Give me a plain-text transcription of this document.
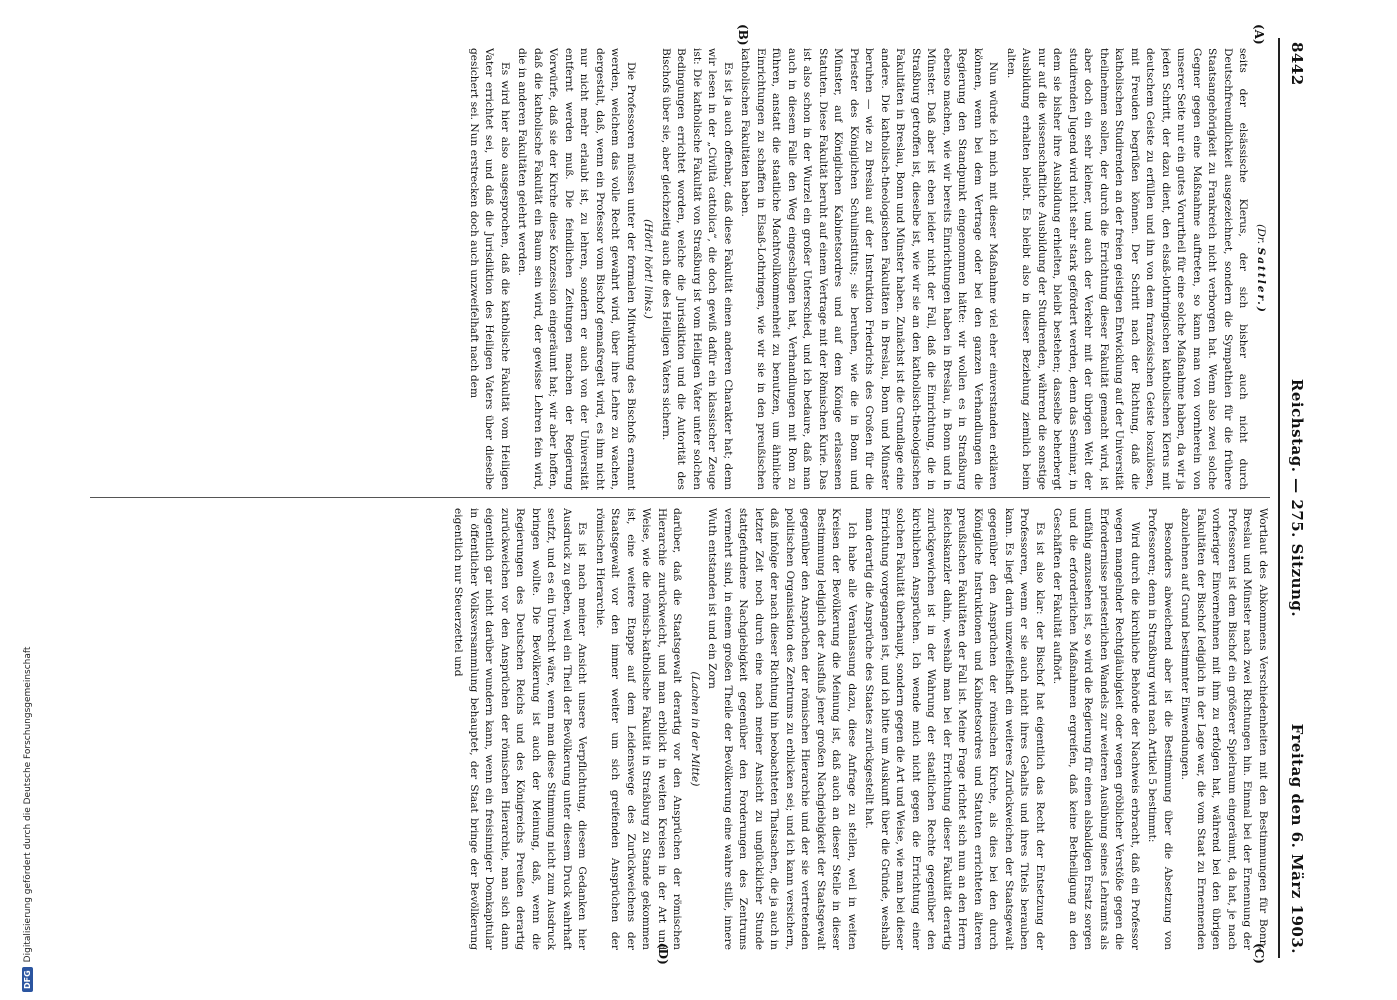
8442
Reichstag. — 275. Sitzung.
Freitag den 6. März 1903.
(A)
(B)
(C)
(D)

(Dr. Sattler.)

seits der elsässische Klerus, der sich bisher auch nicht durch Deutschfreundlichkeit ausgezeichnet, sondern die Sympathien für die frühere Staatsangehörigkeit zu Frankreich nicht verborgen hat. Wenn also zwei solche Gegner gegen eine Maßnahme auftreten, so kann man von vornherein von unserer Seite nur ein gutes Vorurtheil für eine solche Maßnahme haben, da wir ja jeden Schritt, der dazu dient, den elsaß-lothringischen katholischen Klerus mit deutschem Geiste zu erfüllen und ihn von dem französischen Geiste loszulösen, mit Freuden begrüßen können. Der Schritt nach der Richtung, daß die katholischen Studirenden an der freien geistigen Entwicklung auf der Universität theilnehmen sollen, der durch die Errichtung dieser Fakultät gemacht wird, ist aber doch ein sehr kleiner, und auch der Verkehr mit der übrigen Welt der studirenden Jugend wird nicht sehr stark gefördert werden, denn das Seminar, in dem sie bisher ihre Ausbildung erhielten, bleibt bestehen; dasselbe beherbergt nur auf die wissenschaftliche Ausbildung der Studirenden, während die sonstige Ausbildung erhalten bleibt. Es bleibt also in dieser Beziehung ziemlich beim alten.

Nun würde ich mich mit dieser Maßnahme viel eher einverstanden erklären können, wenn bei dem Vertrage oder bei den ganzen Verhandlungen die Regierung den Standpunkt eingenommen hätte: wir wollen es in Straßburg ebenso machen, wie wir bereits Einrichtungen haben in Breslau, in Bonn und in Münster. Daß aber ist eben leider nicht der Fall, daß die Einrichtung, die in Straßburg getroffen ist, dieselbe ist, wie wir sie an den katholisch-theologischen Fakultäten in Breslau, Bonn und Münster haben. Zunächst ist die Grundlage eine andere. Die katholisch-theologischen Fakultäten in Breslau, Bonn und Münster beruhen — wie zu Breslau auf der Instruktion Friedrichs des Großen für die Priester des Königlichen Schulinstituts; sie beruhen, wie die in Bonn und Münster, auf Königlichen Kabinetsordres und auf dem Könige erlassenen Statuten. Diese Fakultät beruht auf einem Vertrage mit der Römischen Kurie. Das ist also schon in der Wurzel ein großer Unterschied, und ich bedaure, daß man auch in diesem Falle den Weg eingeschlagen hat, Verhandlungen mit Rom zu führen, anstatt die staatliche Machtvollkommenheit zu benutzen, um ähnliche Einrichtungen zu schaffen in Elsaß-Lothringen, wie wir sie in den preußischen katholischen Fakultäten haben.

Es ist ja auch offenbar, daß diese Fakultät einen anderen Charakter hat; denn wir lesen in der „Civiltà cattolica“, die doch gewiß dafür ein klassischer Zeuge ist: Die katholische Fakultät von Straßburg ist vom Heiligen Vater unter solchen Bedingungen errichtet worden, welche die Jurisdiktion und die Autorität des Bischofs über sie, aber gleichzeitig auch die des Heiligen Vaters sichern.

(Hört! hört! links.)

Die Professoren müssen unter der formalen Mitwirkung des Bischofs ernannt werden, welchem das volle Recht gewahrt wird, über ihre Lehre zu wachen, dergestalt, daß, wenn ein Professor vom Bischof gemaßregelt wird, es ihm nicht nur nicht mehr erlaubt ist, zu lehren, sondern er auch von der Universität entfernt werden muß. Die feindlichen Zeitungen machen der Regierung Vorwürfe, daß sie der Kirche diese Konzession eingeräumt hat; wir aber hoffen, daß die katholische Fakultät ein Baum sein wird, der gewisse Lehren fein wird, die in anderen Fakultäten gelehrt werden.

Es wird hier also ausgesprochen, daß die katholische Fakultät vom Heiligen Vater errichtet sei, und daß die Jurisdiktion des Heiligen Vaters über dieselbe gesichert sei. Nun erstrecken doch auch unzweifelhaft nach dem

Wortlaut des Abkommens Verschiedenheiten mit den Bestimmungen für Bonn, Breslau und Münster nach zwei Richtungen hin. Einmal bei der Ernennung der Professoren ist dem Bischof ein größerer Spielraum eingeräumt, da hat, je nach vorheriger Einvernehmen mit ihm zu erfolgen hat, während bei den übrigen Fakultäten der Bischof lediglich in der Lage war, die vom Staat zu Ernennenden abzulehnen auf Grund bestimmter Einwendungen.

Besonders abweichend aber ist die Bestimmung über die Absetzung von Professoren; denn in Straßburg wird nach Artikel 5 bestimmt:

Wird durch die kirchliche Behörde der Nachweis erbracht, daß ein Professor wegen mangelnder Rechtgläubigkeit oder wegen gröblicher Verstöße gegen die Erfordernisse priesterlichen Wandels zur weiteren Ausübung seines Lehramts als unfähig anzusehen ist, so wird die Regierung für einen alsbaldigen Ersatz sorgen und die erforderlichen Maßnahmen ergreifen, daß keine Betheiligung an den Geschäften der Fakultät aufhört.

Es ist also klar: der Bischof hat eigentlich das Recht der Entsetzung der Professoren, wenn er sie auch nicht ihres Gehalts und ihres Titels berauben kann. Es liegt darin unzweifelhaft ein weiteres Zurückweichen der Staatsgewalt gegenüber den Ansprüchen der römischen Kirche, als dies bei den durch Königliche Instruktionen und Kabinetsordres und Statuten errichteten älteren preußischen Fakultäten der Fall ist. Meine Frage richtet sich nun an den Herrn Reichskanzler dahin, weshalb man bei der Errichtung dieser Fakultät derartig zurückgewichen ist in der Wahrung der staatlichen Rechte gegenüber den kirchlichen Ansprüchen. Ich wende mich nicht gegen die Errichtung einer solchen Fakultät überhaupt, sondern gegen die Art und Weise, wie man bei dieser Errichtung vorgegangen ist, und ich bitte um Auskunft über die Gründe, weshalb man derartig die Ansprüche des Staates zurückgestellt hat.

Ich habe alle Veranlassung dazu, diese Anfrage zu stellen, weil in weiten Kreisen der Bevölkerung die Meinung ist, daß auch an dieser Stelle in dieser Bestimmung lediglich der Ausfluß jener großen Nachgiebigkeit der Staatsgewalt gegenüber den Ansprüchen der römischen Hierarchie und der sie vertretenden politischen Organisation des Zentrums zu erblicken sei; und ich kann versichern, daß infolge der nach dieser Richtung hin beobachteten Thatsachen, die ja auch in letzter Zeit noch durch eine nach meiner Ansicht zu unglücklicher Stunde stattgefundene Nachgiebigkeit gegenüber den Forderungen des Zentrums vermehrt sind, in einem großen Theile der Bevölkerung eine wahre stille, innere Wuth entstanden ist und ein Zorn

(Lachen in der Mitte)

darüber, daß die Staatsgewalt derartig vor den Ansprüchen der römischen Hierarchie zurückweicht, und man erblickt in weiten Kreisen in der Art und Weise, wie die römisch-katholische Fakultät in Straßburg zu Stande gekommen ist, eine weitere Etappe auf dem Leidenswege des Zurückweichens der Staatsgewalt vor den immer weiter um sich greifenden Ansprüchen der römischen Hierarchie.

Es ist nach meiner Ansicht unsere Verpflichtung, diesem Gedanken hier Ausdruck zu geben, weil ein Theil der Bevölkerung unter diesem Druck wahrhaft seufzt, und es ein Unrecht wäre, wenn man diese Stimmung nicht zum Ausdruck bringen wollte. Die Bevölkerung ist auch der Meinung, daß, wenn die Regierungen des Deutschen Reichs und des Königreichs Preußen derartig zurückweichen vor den Ansprüchen der römischen Hierarchie, man sich dann eigentlich gar nicht darüber wundern kann, wenn ein freisinniger Domkapitular in öffentlicher Volksversammlung behauptet, der Staat bringe der Bevölkerung eigentlich nur Steuerzettel und

DFGDigitalisierung gefördert durch die Deutsche Forschungsgemeinschaft
